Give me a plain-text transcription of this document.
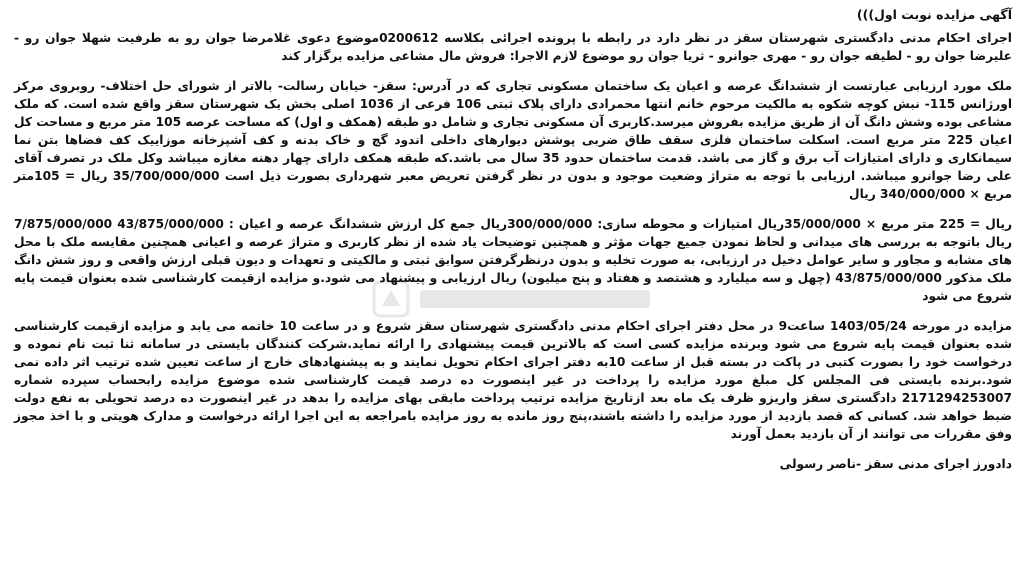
آگهی مزایده نوبت اول)))
اجرای احکام مدنی دادگستری شهرستان سقز در نظر دارد در رابطه با پرونده اجرائی بکلاسه 0200612موضوع دعوی غلامرضا جوان رو به طرفیت شهلا جوان رو - علیرضا جوان رو - لطیفه جوان رو - مهری جوانرو - ثریا جوان رو موضوع لازم الاجرا: فروش مال مشاعی مزایده برگزار کند
ملک مورد ارزیابی عبارتست از ششدانگ عرصه و اعیان یک ساختمان مسکونی تجاری که در آدرس: سقز- خیابان رسالت- بالاتر از شورای حل اختلاف- روبروی مرکز اورژانس 115- نبش کوچه شکوه به مالکیت مرحوم خانم انتها محمرادی دارای پلاک ثبتی 106 فرعی از 1036 اصلی بخش یک شهرستان سقز واقع شده است. که ملک مشاعی بوده وشش دانگ آن از طریق مزایده بفروش میرسد.کاربری آن مسکونی تجاری و شامل دو طبقه (همکف و اول) که مساحت عرصه 105 متر مربع و مساحت کل اعیان 225 متر مربع است. اسکلت ساختمان فلزی سقف طاق ضربی پوشش دیوارهای داخلی اندود گچ و خاک بدنه و کف آشپزخانه موزاییک کف فضاها بتن نما سیمانکاری و دارای امتیازات آب برق و گاز می باشد. قدمت ساختمان حدود 35 سال می باشد.که طبقه همکف دارای چهار دهنه مغازه میباشد وکل ملک در تصرف آقای علی رضا جوانرو میباشد. ارزیابی با توجه به متراژ وضعیت موجود و بدون در نظر گرفتن تعریض معبر شهرداری بصورت ذیل است 35/700/000/000 ریال = 105متر مربع × 340/000/000 ریال
ریال = 225 متر مربع × 35/000/000ریال امتیازات و محوطه سازی: 300/000/000ریال جمع کل ارزش ششدانگ عرصه و اعیان : 43/875/000/000 7/875/000/000 ریال باتوجه به بررسی های میدانی و لحاظ نمودن جمیع جهات مؤثر و همچنین توضیحات یاد شده از نظر کاربری و متراژ عرصه و اعیانی همچنین مقایسه ملک با محل های مشابه و مجاور و سایر عوامل دخیل در ارزیابی، به صورت تخلیه و بدون درنظرگرفتن سوابق ثبتی و مالکیتی و تعهدات و دیون قبلی ارزش واقعی و روز شش دانگ ملک مذکور 43/875/000/000 (چهل و سه میلیارد و هشتصد و هفتاد و پنج میلیون) ریال ارزیابی و پیشنهاد می شود.و مزایده ازقیمت کارشناسی شده بعنوان قیمت پایه شروع می شود
مزایده در مورخه 1403/05/24 ساعت9 در محل دفتر اجرای احکام مدنی دادگستری شهرستان سقز شروع و در ساعت 10 خاتمه می یابد و مزایده ازقیمت کارشناسی شده بعنوان قیمت پایه شروع می شود وبرنده مزایده کسی است که بالاترین قیمت پیشنهادی را ارائه نماید.شرکت کنندگان بایستی در سامانه ثنا ثبت نام نموده و درخواست خود را بصورت کتبی در پاکت در بسته قبل از ساعت 10به دفتر اجرای احکام تحویل نمایند و به پیشنهادهای خارج از ساعت تعیین شده ترتیب اثر داده نمی شود.برنده بایستی فی المجلس کل مبلغ مورد مزایده را پرداخت در غیر اینصورت ده درصد قیمت کارشناسی شده موضوع مزایده رابحساب سپرده شماره 2171294253007 دادگستری سقز واریزو ظرف یک ماه بعد ازتاریخ مزایده ترتیب پرداخت مابقی بهای مزایده را بدهد در غیر اینصورت ده درصد تحویلی به نفع دولت ضبط خواهد شد. کسانی که قصد بازدید از مورد مزایده را داشته باشند،پنج روز مانده به روز مزایده بامراجعه به این اجرا ارائه درخواست و مدارک هویتی و با اخذ مجوز وفق مقررات می توانند از آن بازدید بعمل آورند
دادورز اجرای مدنی سقز -ناصر رسولی
